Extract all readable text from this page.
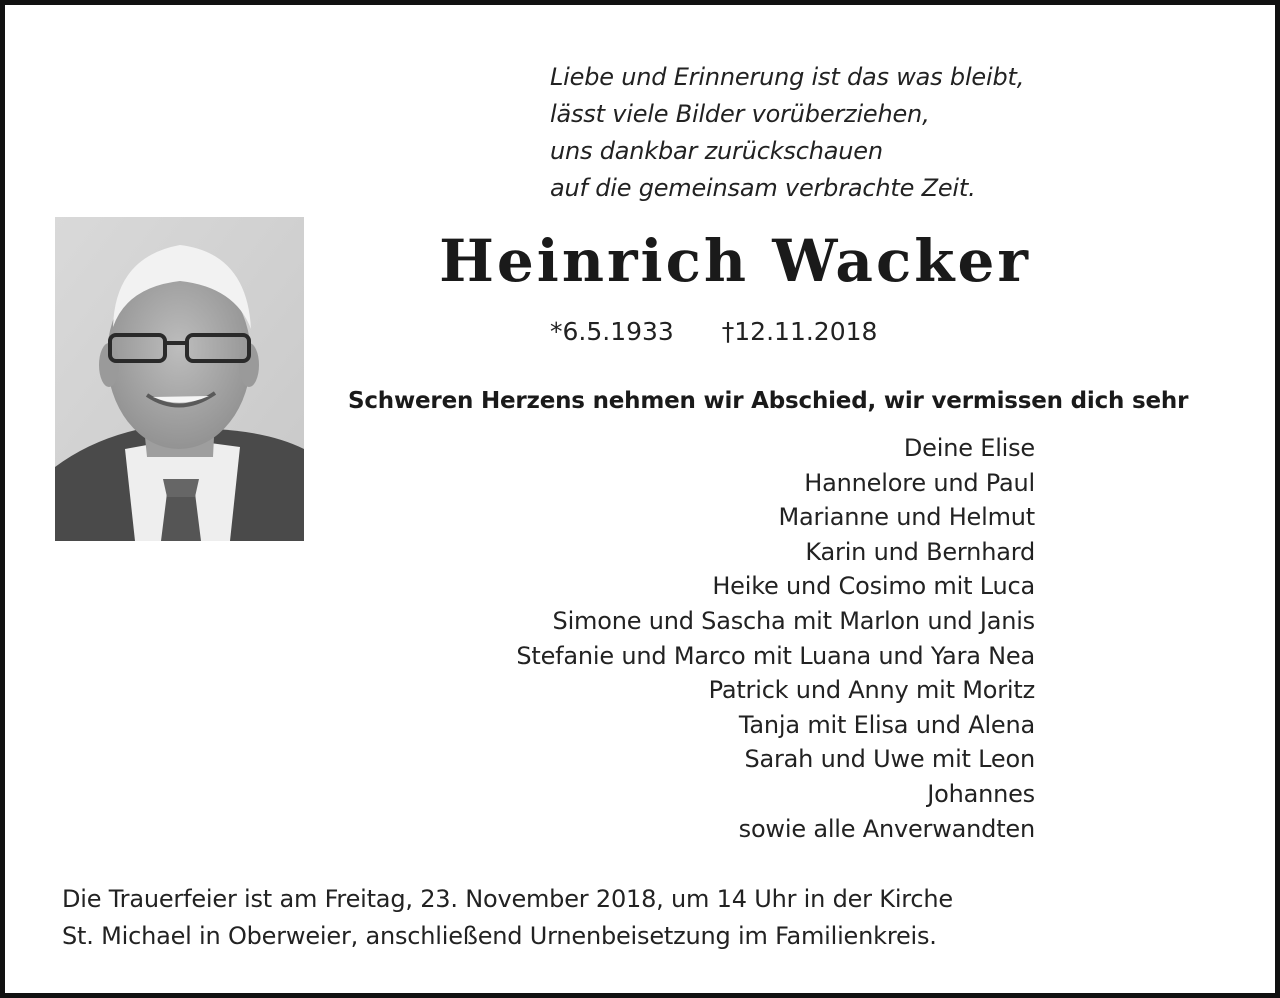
Liebe und Erinnerung ist das was bleibt,
lässt viele Bilder vorüberziehen,
uns dankbar zurückschauen
auf die gemeinsam verbrachte Zeit.
Heinrich Wacker
*6.5.1933 †12.11.2018
Schweren Herzens nehmen wir Abschied, wir vermissen dich sehr
Deine Elise
Hannelore und Paul
Marianne und Helmut
Karin und Bernhard
Heike und Cosimo mit Luca
Simone und Sascha mit Marlon und Janis
Stefanie und Marco mit Luana und Yara Nea
Patrick und Anny mit Moritz
Tanja mit Elisa und Alena
Sarah und Uwe mit Leon
Johannes
sowie alle Anverwandten
Die Trauerfeier ist am Freitag, 23. November 2018, um 14 Uhr in der Kirche
St. Michael in Oberweier, anschließend Urnenbeisetzung im Familienkreis.
